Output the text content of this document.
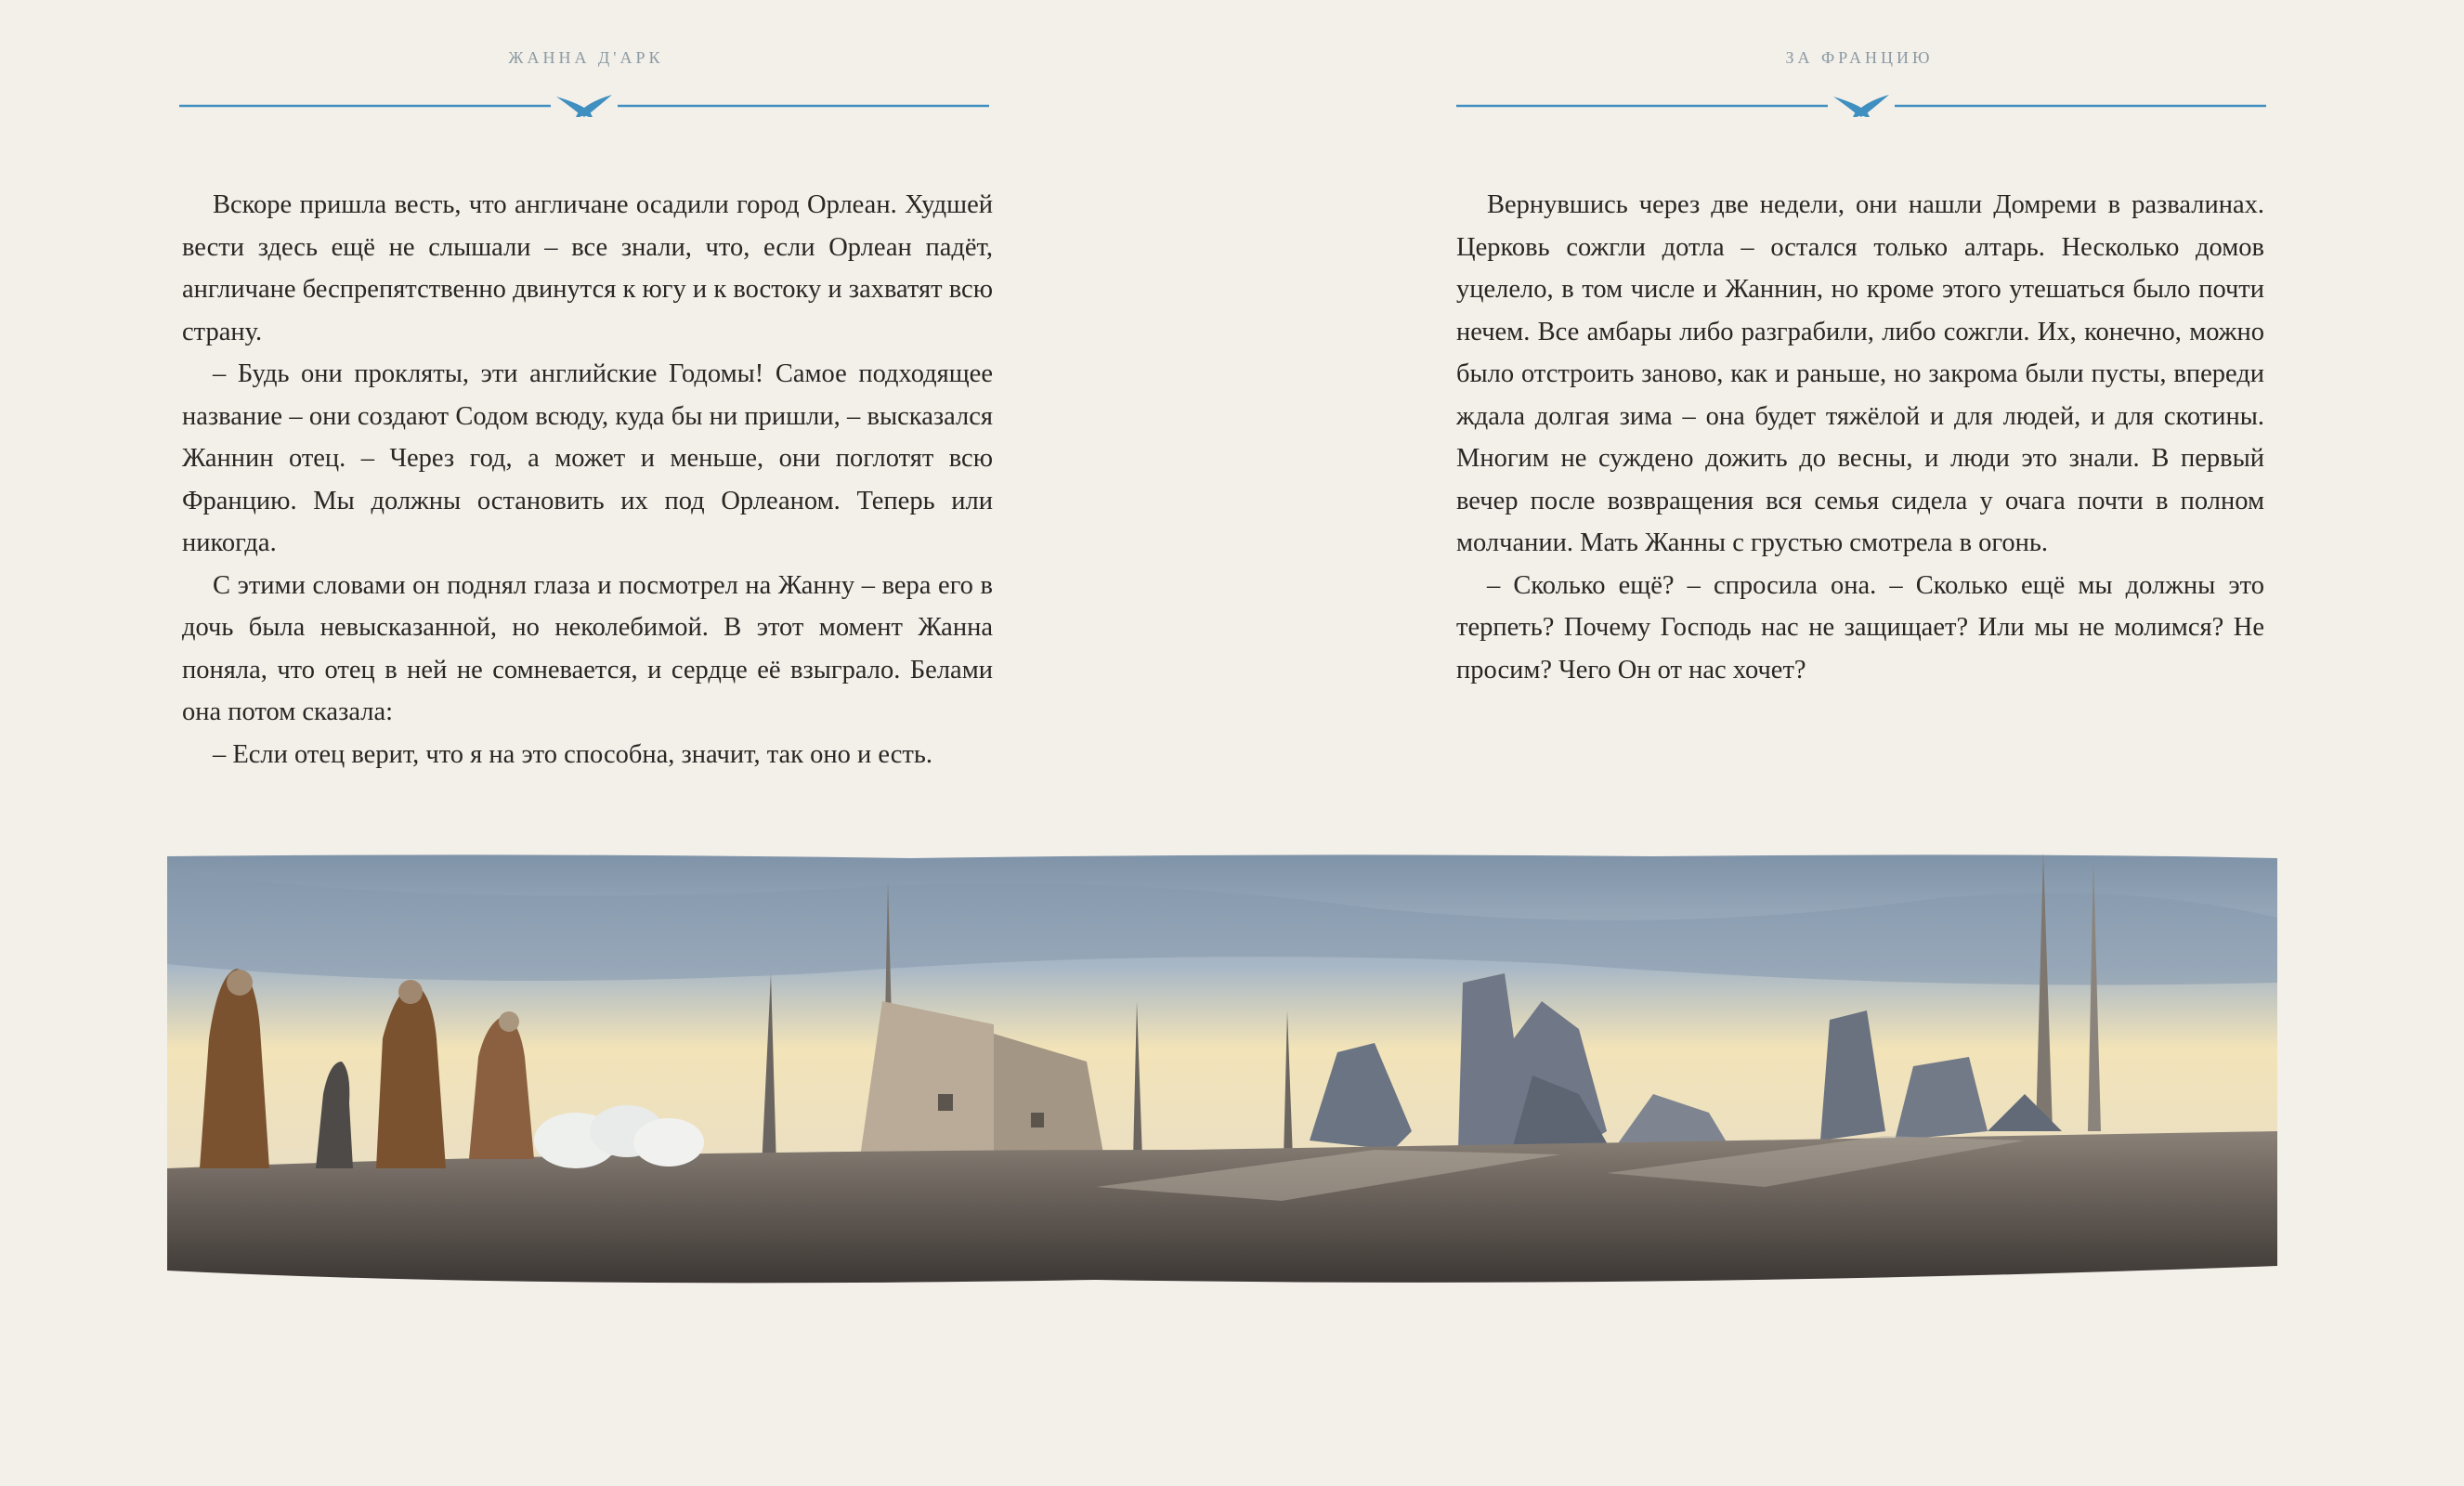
ЖАННА Д'АРК

Вскоре пришла весть, что англичане осадили город Орлеан. Худшей вести здесь ещё не слышали – все знали, что, если Орлеан падёт, англичане беспрепятственно двинутся к югу и к востоку и захватят всю страну.

– Будь они прокляты, эти английские Годомы! Самое подходящее название – они создают Содом всюду, куда бы ни пришли, – высказался Жаннин отец. – Через год, а может и меньше, они поглотят всю Францию. Мы должны остановить их под Орлеаном. Теперь или никогда.

С этими словами он поднял глаза и посмотрел на Жанну – вера его в дочь была невысказанной, но неколебимой. В этот момент Жанна поняла, что отец в ней не сомневается, и сердце её взыграло. Белами она потом сказала:

– Если отец верит, что я на это способна, значит, так оно и есть.

ЗА ФРАНЦИЮ

Вернувшись через две недели, они нашли Домреми в развалинах. Церковь сожгли дотла – остался только алтарь. Несколько домов уцелело, в том числе и Жаннин, но кроме этого утешаться было почти нечем. Все амбары либо разграбили, либо сожгли. Их, конечно, можно было отстроить заново, как и раньше, но закрома были пусты, впереди ждала долгая зима – она будет тяжёлой и для людей, и для скотины. Многим не суждено дожить до весны, и люди это знали. В первый вечер после возвращения вся семья сидела у очага почти в полном молчании. Мать Жанны с грустью смотрела в огонь.

– Сколько ещё? – спросила она. – Сколько ещё мы должны это терпеть? Почему Господь нас не защищает? Или мы не молимся? Не просим? Чего Он от нас хочет?
